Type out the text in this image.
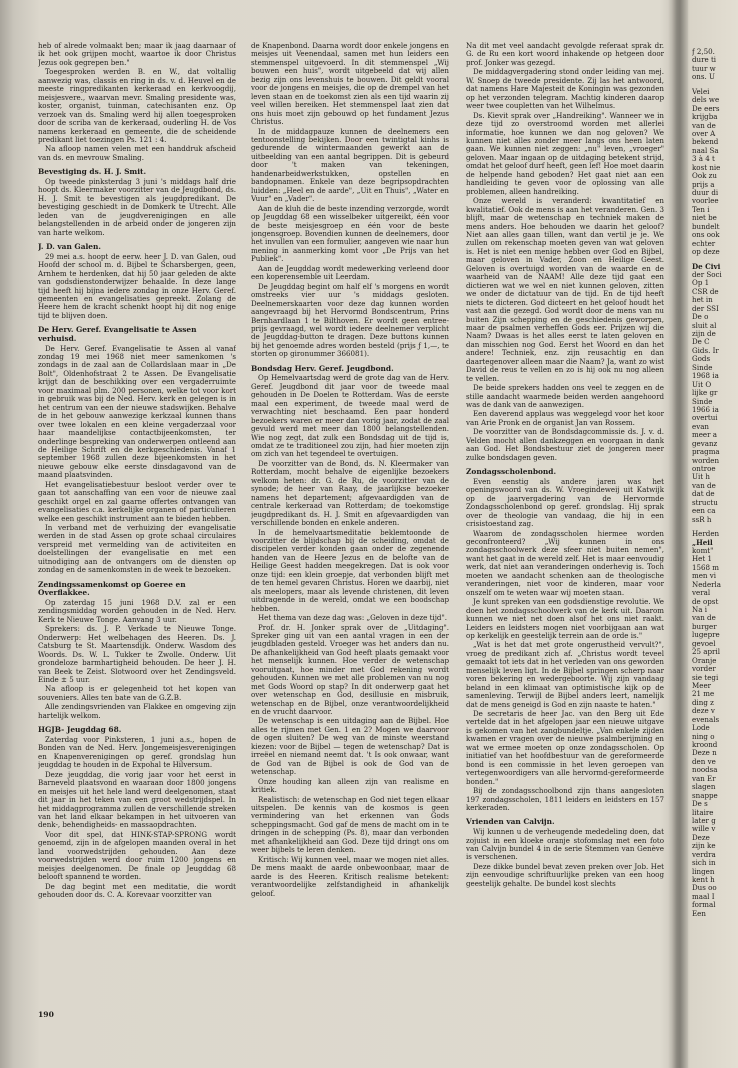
heb of alrede volmaakt ben; maar ik jaag daarnaar of ik het ook grijpen mocht, waartoe ik door Christus Jezus ook gegrepen ben."

Toegesproken werden B. en W., dat voltallig aanwezig was, classis en ring in ds. v. d. Heuvel en de meeste ringpredikanten kerkeraad en kerkvoogdij, meisjesvere., waarvan mevr. Smaling presidente was, koster, organist, tuinman, catechisanten enz. Op verzoek van ds. Smaling werd hij allen toegesproken door de scriba van de kerkeraad, ouderling H. de Vos namens kerkeraad en gemeente, die de scheidende predikant liet toezingen Ps. 121 : 4.

Na afloop namen velen met een handdruk afscheid van ds. en mevrouw Smaling.

Bevestiging ds. H. J. Smit.

Op tweede pinksterdag 3 juni 's middags half drie hoopt ds. Kleermaker voorzitter van de Jeugdbond, ds. H. J. Smit te bevestigen als jeugdpredikant. De bevestiging geschiedt in de Domkerk te Utrecht. Alle leden van de jeugdverenigingen en alle belangstellenden in de arbeid onder de jongeren zijn van harte welkom.

J. D. van Galen.

29 mei a.s. hoopt de eerw. heer J. D. van Galen, oud Hoofd der school m. d. Bijbel te Scharsbergen, geen, Arnhem te herdenken, dat hij 50 jaar geleden de akte van godsdienstonderwijzer behaalde. In deze lange tijd heeft hij bijna iedere zondag in onze Herv. Geref. gemeenten en evangelisaties gepreekt. Zolang de Heere hem de kracht schenkt hoopt hij dit nog enige tijd te blijven doen.

De Herv. Geref. Evangelisatie te Assen verhuisd.

De Herv. Geref. Evangelisatie te Assen al vanaf zondag 19 mei 1968 niet meer samenkomen 's zondags in de zaal aan de Collardslaan maar in „De Bolt", Oldenhofstraat 2 te Assen. De Evangelisatie krijgt dan de beschikking over een vergaderruimte voor maximaal plm. 200 personen, welke tot voor kort in gebruik was bij de Ned. Herv. kerk en gelegen is in het centrum van een der nieuwe stadswijken. Behalve de in het gebouw aanwezige kerkzaal kunnen thans over twee lokalen en een kleine vergaderzaal voor haar maandelijkse contactbijeenkomsten, ter onderlinge bespreking van onderwerpen ontleend aan de Heilige Schrift en de kerkgeschiedenis. Vanaf 1 september 1968 zullen deze bijeenkomsten in het nieuwe gebouw elke eerste dinsdagavond van de maand plaatsvinden.

Het evangelisatiebestuur besloot verder over te gaan tot aanschaffing van een voor de nieuwe zaal geschikt orgel en zal gaarne offertes ontvangen van evangelisaties c.a. kerkelijke organen of particulieren welke een geschikt instrument aan te bieden hebben.

In verband met de verhuizing der evangelisatie werden in de stad Assen op grote schaal circulaires verspreid met vermelding van de activiteiten en doelstellingen der evangelisatie en met een uitnodiging aan de ontvangers om de diensten op zondag en de samenkomsten in de week te bezoeken.

Zendingssamenkomst op Goeree en Overflakkee.

Op zaterdag 15 juni 1968 D.V. zal er een zendingsmiddag worden gehouden in de Ned. Herv. Kerk te Nieuwe Tonge. Aanvang 3 uur.

Sprekers: ds. J. P. Verkade te Nieuwe Tonge. Onderwerp: Het welbehagen des Heeren. Ds. J. Catsburg te St. Maartensdijk. Onderw. Wasdom des Woords. Ds. W. L. Tukker te Zwolle. Onderw. Uit grondeloze barmhartigheid behouden. De heer J. H. van Beek te Zeist. Slotwoord over het Zendingsveld. Einde ± 5 uur.

Na afloop is er gelegenheid tot het kopen van souveniers. Alles ten bate van de G.Z.B.

Alle zendingsvrienden van Flakkee en omgeving zijn hartelijk welkom.

HGJB- Jeugddag 68.

Zaterdag voor Pinksteren, 1 juni a.s., hopen de Bonden van de Ned. Herv. Jongemeisjesverenigingen en Knapenverenigingen op geref. grondslag hun jeugddag te houden in de Expohal te Hilversum.

Deze jeugddag, die vorig jaar voor het eerst in Barneveld plaatsvond en waaraan door 1800 jongens en meisjes uit het hele land werd deelgenomen, staat dit jaar in het teken van een groot wedstrijdspel. In het middagprogramma zullen de verschillende streken van het land elkaar bekampen in het uitvoeren van denk-, behendigheids- en massaopdrachten.

Voor dit spel, dat HINK-STAP-SPRONG wordt genoemd, zijn in de afgelopen maanden overal in het land voorwedstrijden gehouden. Aan deze voorwedstrijden werd door ruim 1200 jongens en meisjes deelgenomen. De finale op Jeugddag 68 belooft spannend te worden.

De dag begint met een meditatie, die wordt gehouden door ds. C. A. Korevaar voorzitter van

de Knapenbond. Daarna wordt door enkele jongens en meisjes uit Veenendaal, samen met hun leiders een stemmenspel uitgevoerd. In dit stemmenspel „Wij bouwen een huis", wordt uitgebeeld dat wij allen bezig zijn ons levenshuis te bouwen. Dit geldt vooral voor de jongens en meisjes, die op de drempel van het leven staan en de toekomst zien als een tijd waarin zij veel willen bereiken. Het stemmenspel laat zien dat ons huis moet zijn gebouwd op het fundament Jezus Christus.

In de middagpauze kunnen de deelnemers een tentoonstelling bekijken. Door een twintigtal kinhs is gedurende de wintermaanden gewerkt aan de uitbeelding van een aantal begrippen. Dit is gebeurd door 't maken van tekeningen, handenarbeidwerkstukken, opstellen en bandopnamen. Enkele van deze begripsopdrachten luidden: „Heel en de aarde", „Uit en Thuis", „Water en Vuur" en „Vader".

Aan de kluh die de beste inzending verzorgde, wordt op Jeugddag 68 een wisselbeker uitgereikt, één voor de beste meisjesgroep en één voor de beste jongensgroep. Bovendien kunnen de deelnemers, door het invullen van een formulier, aangeven wie naar hun mening in aanmerking komt voor „De Prijs van het Publiek".

Aan de Jeugddag wordt medewerking verleend door een koperensemble uit Leerdam.

De Jeugddag begint om half elf 's morgens en wordt omstreeks vier uur 's middags gesloten. Deelnemerskaarten voor deze dag kunnen worden aangevraagd bij het Hervormd Bondscentrum, Prins Bernhardlaan 1 te Bilthoven. Er wordt geen entree-prijs gevraagd, wel wordt iedere deelnemer verplicht de Jeugddag-button te dragen. Deze buttons kunnen bij het genoemde adres worden besteld (prijs ƒ 1,—, te storten op gironummer 366081).

Bondsdag Herv. Geref. Jeugdbond.

Op Hemelvaartsdag werd de grote dag van de Herv. Geref. Jeugdbond dit jaar voor de tweede maal gehouden in De Doelen te Rotterdam. Was de eerste maal een experiment, de tweede maal werd de verwachting niet beschaamd. Een paar honderd bezoekers waren er meer dan vorig jaar, zodat de zaal gevuld werd met meer dan 1800 belangstellenden. Wie nog zegt, dat zulk een Bondsdag uit de tijd is, omdat ze te traditioneel zou zijn, had hier moeten zijn om zich van het tegendeel te overtuigen.

De voorzitter van de Bond, ds. N. Kleermaker van Rotterdam, mocht behalve de eigenlijke bezoekers welkom heten: dr. G. de Ru, de voorzitter van de synode; de heer van Raay, de jaarlijkse bezoeker namens het departement; afgevaardigden van de centrale kerkeraad van Rotterdam; de toekomstige jeugdpredikant ds. H. J. Smit en afgevaardigden van verschillende bonden en enkele anderen.

In de hemelvaartsmeditatie beklemtoonde de voorzitter de blijdschap bij de scheiding, omdat de discipelen verder konden gaan onder de zegenende handen van de Heere Jezus en de belofte van de Heilige Geest hadden meegekregen. Dat is ook voor onze tijd: een klein groepje, dat verbonden blijft met de ten hemel gevaren Christus. Horen we daarbij, niet als meelopers, maar als levende christenen, dit leven uitdragende in de wereld, omdat we een boodschap hebben.

Het thema van deze dag was: „Geloven in deze tijd".

Prof. dr. H. Jonker sprak over de „Uitdaging". Spreker ging uit van een aantal vragen in een der jeugdbladen gesteld. Vroeger was het anders dan nu. De afhankelijkheid van God heeft plaats gemaakt voor het menselijk kunnen. Hoe verder de wetenschap vooruitgaat, hoe minder met God rekening wordt gehouden. Kunnen we met alle problemen van nu nog met Gods Woord op stap? In dit onderwerp gaat het over wetenschap en God, desillusie en misbruik, wetenschap en de Bijbel, onze verantwoordelijkheid en de vrucht daarvoor.

De wetenschap is een uitdaging aan de Bijbel. Hoe alles te rijmen met Gen. 1 en 2? Mogen we daarvoor de ogen sluiten? De weg van de minste weerstand kiezen: voor de Bijbel — tegen de wetenschap? Dat is irreëel en niemand neemt dat. 't Is ook onwaar, want de God van de Bijbel is ook de God van de wetenschap.

Onze houding kan alleen zijn van realisme en kritiek.

Realistisch: de wetenschap en God niet tegen elkaar uitspelen. De kennis van de kosmos is geen vermindering van het erkennen van Gods scheppingsmacht. God gaf de mens de macht om in te dringen in de schepping (Ps. 8), maar dan verbonden met afhankelijkheid aan God. Deze tijd dringt ons om weer bijbels te leren denken.

Kritisch: Wij kunnen veel, maar we mogen niet alles. De mens maakt de aarde onbewoonbaar, maar de aarde is des Heeren. Kritisch realisme betekent: verantwoordelijke zelfstandigheid in afhankelijk geloof.

Na dit met veel aandacht gevolgde referaat sprak dr. G. de Ru een kort woord inhakende op hetgeen door prof. Jonker was gezegd.

De middagvergadering stond onder leiding van mej. W. Snoep de tweede presidente. Zij las het antwoord, dat namens Hare Majesteit de Koningin was gezonden op het verzonden telegram. Machtig kinderen daarop weer twee coupletten van het Wilhelmus.

Ds. Kievit sprak over „Handreiking". Wanneer we in deze tijd zo overstroomd worden met allerlei informatie, hoe kunnen we dan nog geloven? We kunnen niet alles zonder meer langs ons heen laten gaan. We kunnen niet zeggen: „nu" leven, „vroeger" geloven. Maar ingaan op de uitdaging betekent strijd, omdat het geloof durf heeft, geen lef! Hoe moet daarin de helpende hand geboden? Het gaat niet aan een handleiding te geven voor de oplossing van alle problemen, alleen handreiking.

Onze wereld is veranderd: kwantitatief en kwalitatief. Ook de mens is aan het veranderen. Gen. 3 blijft, maar de wetenschap en techniek maken de mens anders. Hoe behouden we daarin het geloof? Niet aan alles gaan tillen, want dan vertil je je. We zullen om rekenschap moeten geven van wat geloven is. Het is niet een menige hebben over God en Bijbel, maar geloven in Vader, Zoon en Heilige Geest. Geloven is overtuigd worden van de waarde en de waarheid van de NAAM! Alle deze tijd gaat een dictieren wat we wel en niet kunnen geloven, zitten we onder de dictatuur van de tijd. En de tijd heeft niets te dicteren. God dicteert en het geloof houdt het vast aan die gezegd. God wordt door de mens van nu buiten Zijn schepping en de geschiedenis geworpen, maar de psalmen verheffen Gods eer. Prijzen wij die Naam? Dwaas is het alles eerst te laten geloven en dan misschien nog God. Eerst het Woord en dan het andere! Techniek, enz. zijn reusachtig en dan daartegenover alleen maar die Naam? Ja, want zo wist David de reus te vellen en zo is hij ook nu nog alleen te vellen.

De beide sprekers hadden ons veel te zeggen en de stille aandacht waarmede beiden werden aangehoord was de dank van de aanwezigen.

Een daverend applaus was weggelegd voor het koor van Arie Pronk en de organist Jan van Rossem.

De voorzitter van de Bondsdagcommissie ds. J. v. d. Velden mocht allen dankzeggen en voorgaan in dank aan God. Het Bondsbestuur ziet de jongeren meer zulke bondsdagen geven.

Zondagsscholenbond.

Even eenstig als andere jaren was het openingswoord van ds. W. Vroegindeweij uit Katwijk op de jaarvergadering van de Hervormde Zondagsscholenbond op geref. grondslag. Hij sprak over de theologie van vandaag, die hij in een crisistoestand zag.

Waarom de zondagsscholen hiermee worden geconfronteerd? „Wij kunnen in ons zondagsschoolwerk deze sfeer niet buiten nemen", want het gaat in de wereld zelf. Het is maar eenvoudig werk, dat niet aan veranderingen onderhevig is. Toch moeten we aandacht schenken aan de theologische veranderingen, niet voor de kinderen, maar voor onszelf om te weten waar wij moeten staan.

Je kunt spreken van een godsdienstige revolutie. We doen het zondagsschoolwerk van de kerk uit. Daarom kunnen we niet net doen alsof het ons niet raakt. Leiders en leidsters mogen niet voorbijgaan aan wat op kerkelijk en geestelijk terrein aan de orde is."

„Wat is het dat met grote ongerustheid vervult?", vroeg de predikant zich af. „Christus wordt teveel gemaakt tot iets dat in het verleden van ons geworden menselijk leven ligt. In de Bijbel springen scherp naar voren bekering en wedergeboorte. Wij zijn vandaag beland in een klimaat van optimistische kijk op de samenleving. Terwijl de Bijbel anders leert, namelijk dat de mens geneigd is God en zijn naaste te haten."

De secretaris de heer Jac. van den Berg uit Ede vertelde dat in het afgelopen jaar een nieuwe uitgave is gekomen van het zangbundeltje. „Van enkele zijden kwamen er vragen over de nieuwe psalmberijming en wat we ermee moeten op onze zondagsscholen. Op initiatief van het hoofdbestuur van de gereformeerde bond is een commissie in het leven geroepen van vertegenwoordigers van alle hervormd-gereformeerde bonden."

Bij de zondagsschoolbond zijn thans aangesloten 197 zondagsscholen, 1811 leiders en leidsters en 157 kerkeraden.

Vrienden van Calvijn.

Wij kunnen u de verheugende mededeling doen, dat zojuist in een kloeke oranje stofomslag met een foto van Calvijn bundel 4 in de serie Stemmen van Genève is verschenen.

Deze dikke bundel bevat zeven preken over Job. Het zijn eenvoudige schriftuurlijke preken van een hoog geestelijk gehalte. De bundel kost slechts

190
ƒ 2,50.
dure ti
tuur w
ons. U
Velei
dels we
De eers
krijgba
van de
over A
bekend
naal Sa
3 à 4 t
kost nie
Ook zu
prijs a
duur di
voorlee
Ten i
niet be
bundelt
ons ook
echter
op deze
De Civi
der Soci
Op 1
CSR de
het in
der SSI
De o
sluit al
zijn de
De C
Gids. Ir
Gods
Sinde
1968 ia
Uit O
lijke gr
Sinde
1966 ia
overtui
evan
meer a
gevanz
pragma
worden
ontroe
Uit h
van de
dat de
structu
een ca
ssR h
Herden
„Heil
komt"
Het 1
1568 m
men vi
Nederla
veral
de opst
Na i
van de
burger
lugepre
gevoel
25 april
Oranje
vorder
sie tegi
Meer
21 me
ding z
deze v
evenals
Lode
ning o
kroond
Deze n
den ve
noodsa
van Er
slagen
snappe
De s
litaire
later g
wille v
Deze
zijn ke
verdra
sich in
lingen
kent h
Dus oo
maal I
formal
Een
